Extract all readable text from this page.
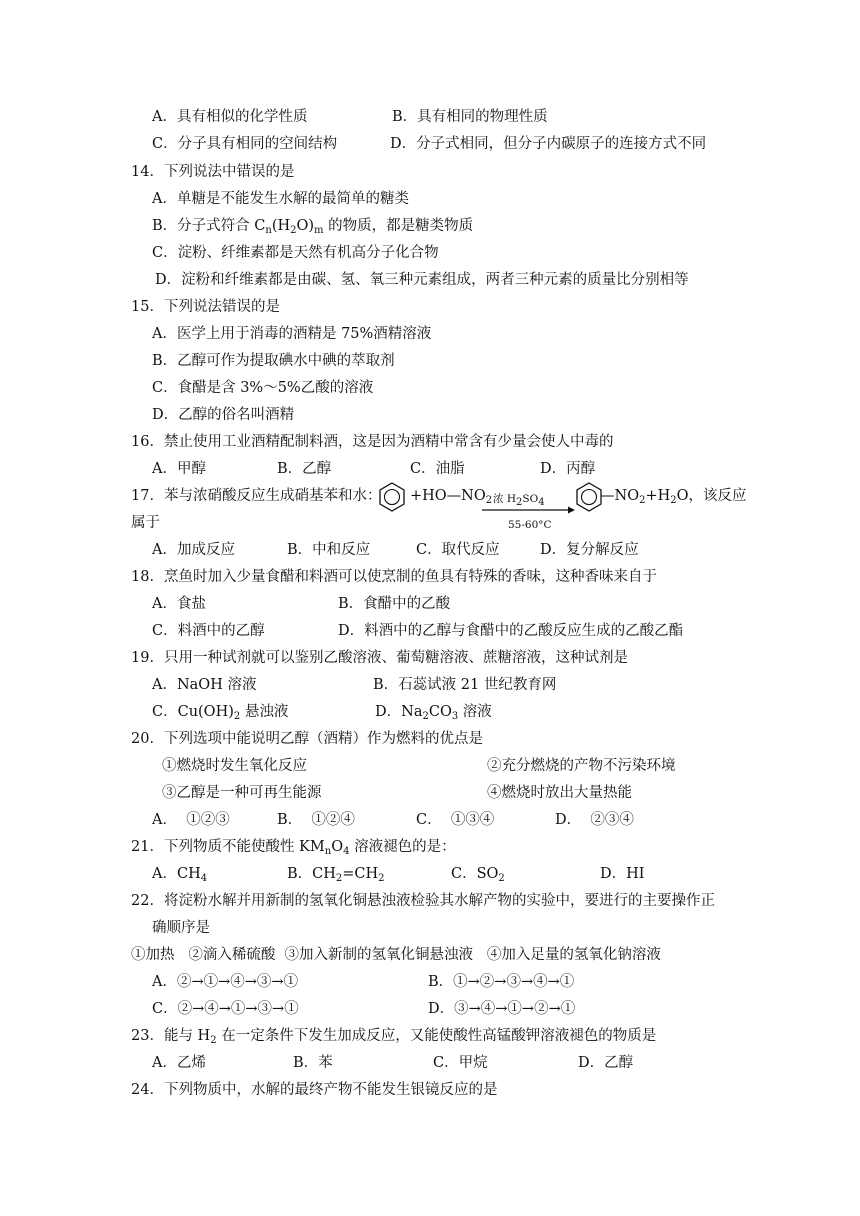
A．具有相似的化学性质	B．具有相同的物理性质
C．分子具有相同的空间结构	D．分子式相同，但分子内碳原子的连接方式不同
14．下列说法中错误的是
A．单糖是不能发生水解的最简单的糖类
B．分子式符合 $C_n(H_2O)_m$ 的物质，都是糖类物质
C．淀粉、纤维素都是天然有机高分子化合物
D．淀粉和纤维素都是由碳、氢、氧三种元素组成，两者三种元素的质量比分别相等
15．下列说法错误的是
A．医学上用于消毒的酒精是 75%酒精溶液
B．乙醇可作为提取碘水中碘的萃取剂
C．食醋是含 3%～5%乙酸的溶液
D．乙醇的俗名叫酒精
16．禁止使用工业酒精配制料酒，这是因为酒精中常含有少量会使人中毒的
A．甲醇	B．乙醇	C．油脂	D．丙醇
17．苯与浓硝酸反应生成硝基苯和水： $+HO—NO_2$ 浓 $H_2SO_4$
55-60°C
$—NO_2+H_2O$，该反应
属于
A．加成反应	B．中和反应	C．取代反应	D．复分解反应
18．烹鱼时加入少量食醋和料酒可以使烹制的鱼具有特殊的香味，这种香味来自于
A．食盐	B．食醋中的乙酸
C．料酒中的乙醇	D．料酒中的乙醇与食醋中的乙酸反应生成的乙酸乙酯
19．只用一种试剂就可以鉴别乙酸溶液、葡萄糖溶液、蔗糖溶液，这种试剂是
A．NaOH 溶液	B．石蕊试液 21 世纪教育网
C．$Cu(OH)_2$ 悬浊液	D．$Na_2CO_3$ 溶液
20．下列选项中能说明乙醇（酒精）作为燃料的优点是
①燃烧时发生氧化反应	②充分燃烧的产物不污染环境
③乙醇是一种可再生能源	④燃烧时放出大量热能
A．  ①②③	B．  ①②④	C．  ①③④	D．  ②③④
21．下列物质不能使酸性 $KM_nO_4$ 溶液褪色的是：
A．$CH_4$	B．$CH_2=CH_2$	C．$SO_2$	D．HI
22．将淀粉水解并用新制的氢氧化铜悬浊液检验其水解产物的实验中，要进行的主要操作正
确顺序是
①加热   ②滴入稀硫酸  ③加入新制的氢氧化铜悬浊液   ④加入足量的氢氧化钠溶液
A．②→①→④→③→①	B．①→②→③→④→①
C．②→④→①→③→①	D．③→④→①→②→①
23．能与 $H_2$ 在一定条件下发生加成反应，又能使酸性高锰酸钾溶液褪色的物质是
A．乙烯	B．苯	C．甲烷	D．乙醇
24．下列物质中，水解的最终产物不能发生银镜反应的是
